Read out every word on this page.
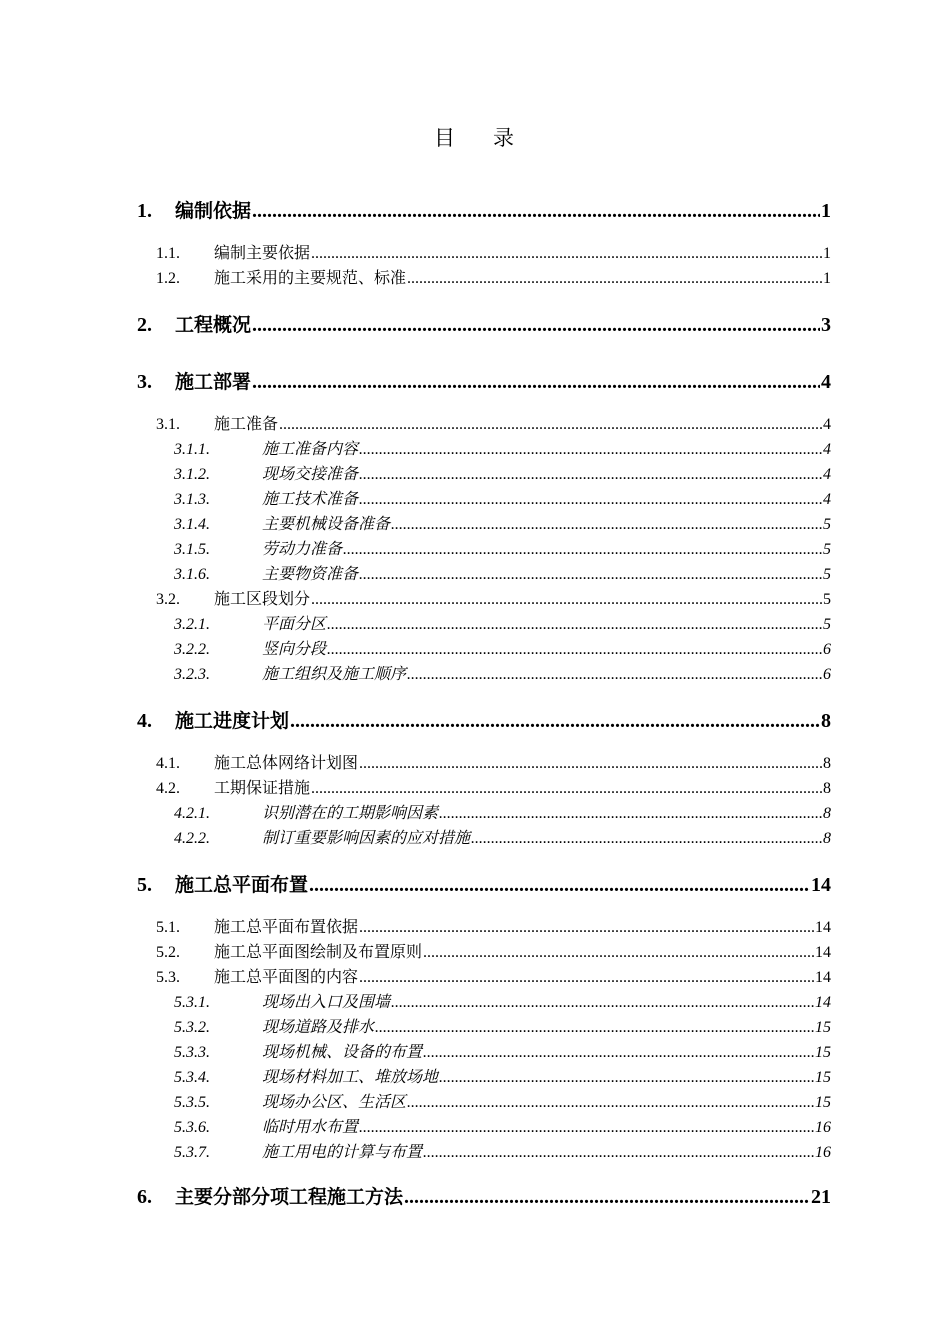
目 录
1.	编制依据 .....	1
1.1.	编制主要依据 .....	1
1.2.	施工采用的主要规范、标准 .....	1
2.	工程概况 .....	3
3.	施工部署 .....	4
3.1.	施工准备 .....	4
3.1.1.	施工准备内容 .....	4
3.1.2.	现场交接准备 .....	4
3.1.3.	施工技术准备 .....	4
3.1.4.	主要机械设备准备 .....	5
3.1.5.	劳动力准备 .....	5
3.1.6.	主要物资准备 .....	5
3.2.	施工区段划分 .....	5
3.2.1.	平面分区 .....	5
3.2.2.	竖向分段 .....	6
3.2.3.	施工组织及施工顺序 .....	6
4.	施工进度计划 .....	8
4.1.	施工总体网络计划图 .....	8
4.2.	工期保证措施 .....	8
4.2.1.	识别潜在的工期影响因素 .....	8
4.2.2.	制订重要影响因素的应对措施 .....	8
5.	施工总平面布置 .....	14
5.1.	施工总平面布置依据 .....	14
5.2.	施工总平面图绘制及布置原则 .....	14
5.3.	施工总平面图的内容 .....	14
5.3.1.	现场出入口及围墙 .....	14
5.3.2.	现场道路及排水 .....	15
5.3.3.	现场机械、设备的布置 .....	15
5.3.4.	现场材料加工、堆放场地 .....	15
5.3.5.	现场办公区、生活区 .....	15
5.3.6.	临时用水布置 .....	16
5.3.7.	施工用电的计算与布置 .....	16
6.	主要分部分项工程施工方法 .....	21
